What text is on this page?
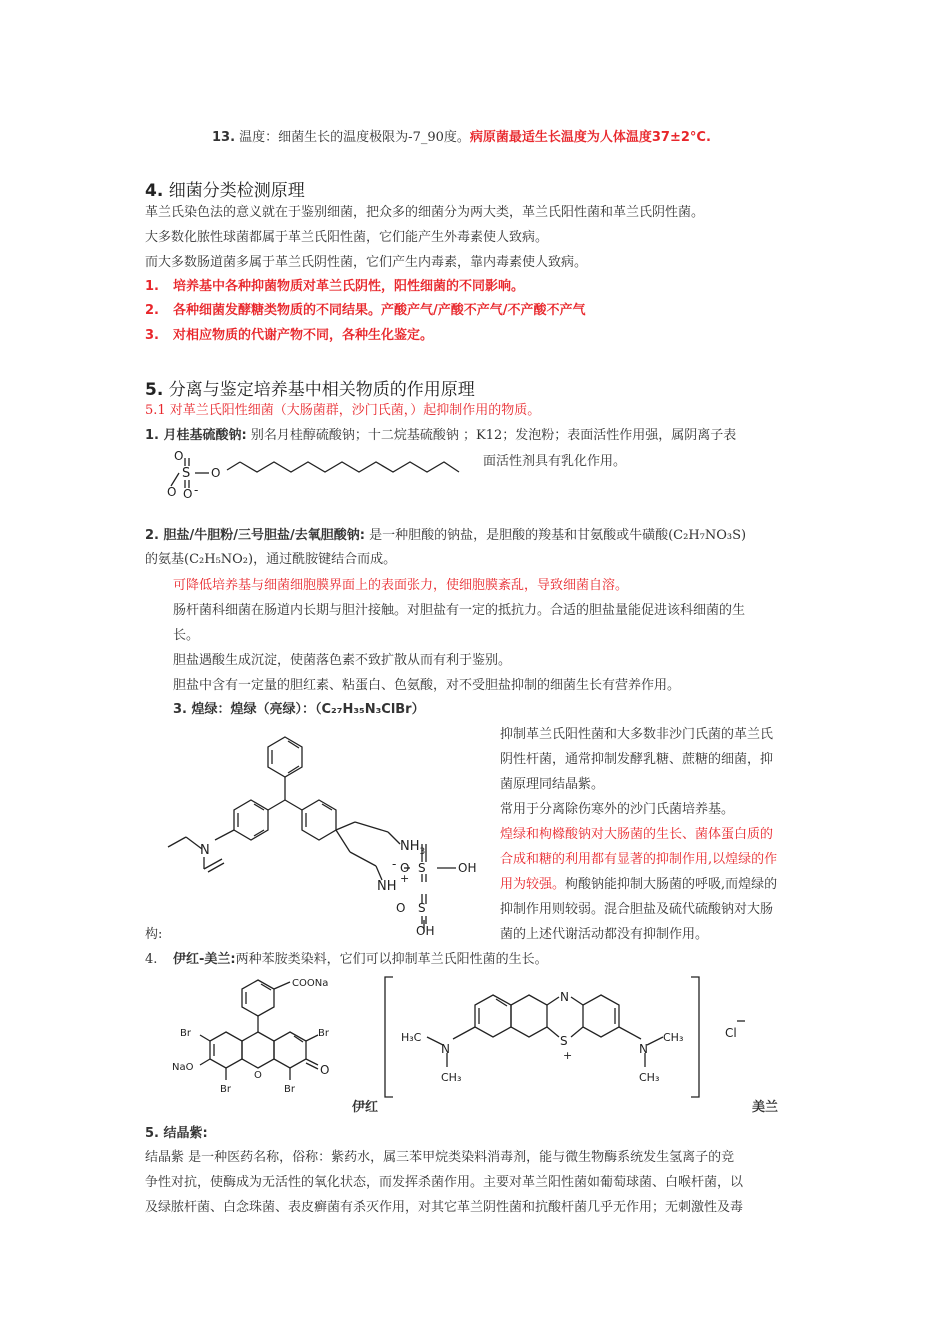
13. 温度：细菌生长的温度极限为-7_90度。病原菌最适生长温度为人体温度37±2°C.
4. 细菌分类检测原理
革兰氏染色法的意义就在于鉴别细菌，把众多的细菌分为两大类，革兰氏阳性菌和革兰氏阴性菌。
大多数化脓性球菌都属于革兰氏阳性菌，它们能产生外毒素使人致病。
而大多数肠道菌多属于革兰氏阴性菌，它们产生内毒素，靠内毒素使人致病。
1. 培养基中各种抑菌物质对革兰氏阴性，阳性细菌的不同影响。
2. 各种细菌发酵糖类物质的不同结果。产酸产气/产酸不产气/不产酸不产气
3. 对相应物质的代谢产物不同，各种生化鉴定。
5. 分离与鉴定培养基中相关物质的作用原理
5.1 对革兰氏阳性细菌（大肠菌群，沙门氏菌，）起抑制作用的物质。
1. 月桂基硫酸钠: 别名月桂醇硫酸钠；十二烷基硫酸钠 ；K12；发泡粉；表面活性作用强，属阴离子表
面活性剂具有乳化作用。
O
S O
O O -
2. 胆盐/牛胆粉/三号胆盐/去氧胆酸钠: 是一种胆酸的钠盐，是胆酸的羧基和甘氨酸或牛磺酸(C₂H₇NO₃S)
的氨基(C₂H₅NO₂)，通过酰胺键结合而成。
可降低培养基与细菌细胞膜界面上的表面张力，使细胞膜紊乱，导致细菌自溶。
肠杆菌科细菌在肠道内长期与胆汁接触。对胆盐有一定的抵抗力。合适的胆盐量能促进该科细菌的生
长。
胆盐遇酸生成沉淀，使菌落色素不致扩散从而有利于鉴别。
胆盐中含有一定量的胆红素、粘蛋白、色氨酸，对不受胆盐抑制的细菌生长有营养作用。
3. 煌绿：煌绿（亮绿）：（C₂₇H₃₅N₃ClBr）
N	$NH_3$
NH
+
O S	OH
S
O
OH
-
构:
抑制革兰氏阳性菌和大多数非沙门氏菌的革兰氏
阴性杆菌，通常抑制发酵乳糖、蔗糖的细菌，抑
菌原理同结晶紫。
常用于分离除伤寒外的沙门氏菌培养基。
煌绿和枸橼酸钠对大肠菌的生长、菌体蛋白质的
合成和糖的利用都有显著的抑制作用,以煌绿的作
用为较强。枸酸钠能抑制大肠菌的呼吸,而煌绿的
抑制作用则较弱。混合胆盐及硫代硫酸钠对大肠
菌的上述代谢活动都没有抑制作用。
4. 伊红-美兰:两种苯胺类染料，它们可以抑制革兰氏阳性菌的生长。
COONa
Br	Br
NaO
O	O
Br	Br
N
S
+
N	N
H₃C
CH₃
CH₃
CH₃
Cl
伊红	美兰
5. 结晶紫:
结晶紫 是一种医药名称，俗称：紫药水，属三苯甲烷类染料消毒剂，能与微生物酶系统发生氢离子的竞
争性对抗，使酶成为无活性的氧化状态，而发挥杀菌作用。主要对革兰阳性菌如葡萄球菌、白喉杆菌，以
及绿脓杆菌、白念珠菌、表皮癣菌有杀灭作用，对其它革兰阴性菌和抗酸杆菌几乎无作用；无刺激性及毒
